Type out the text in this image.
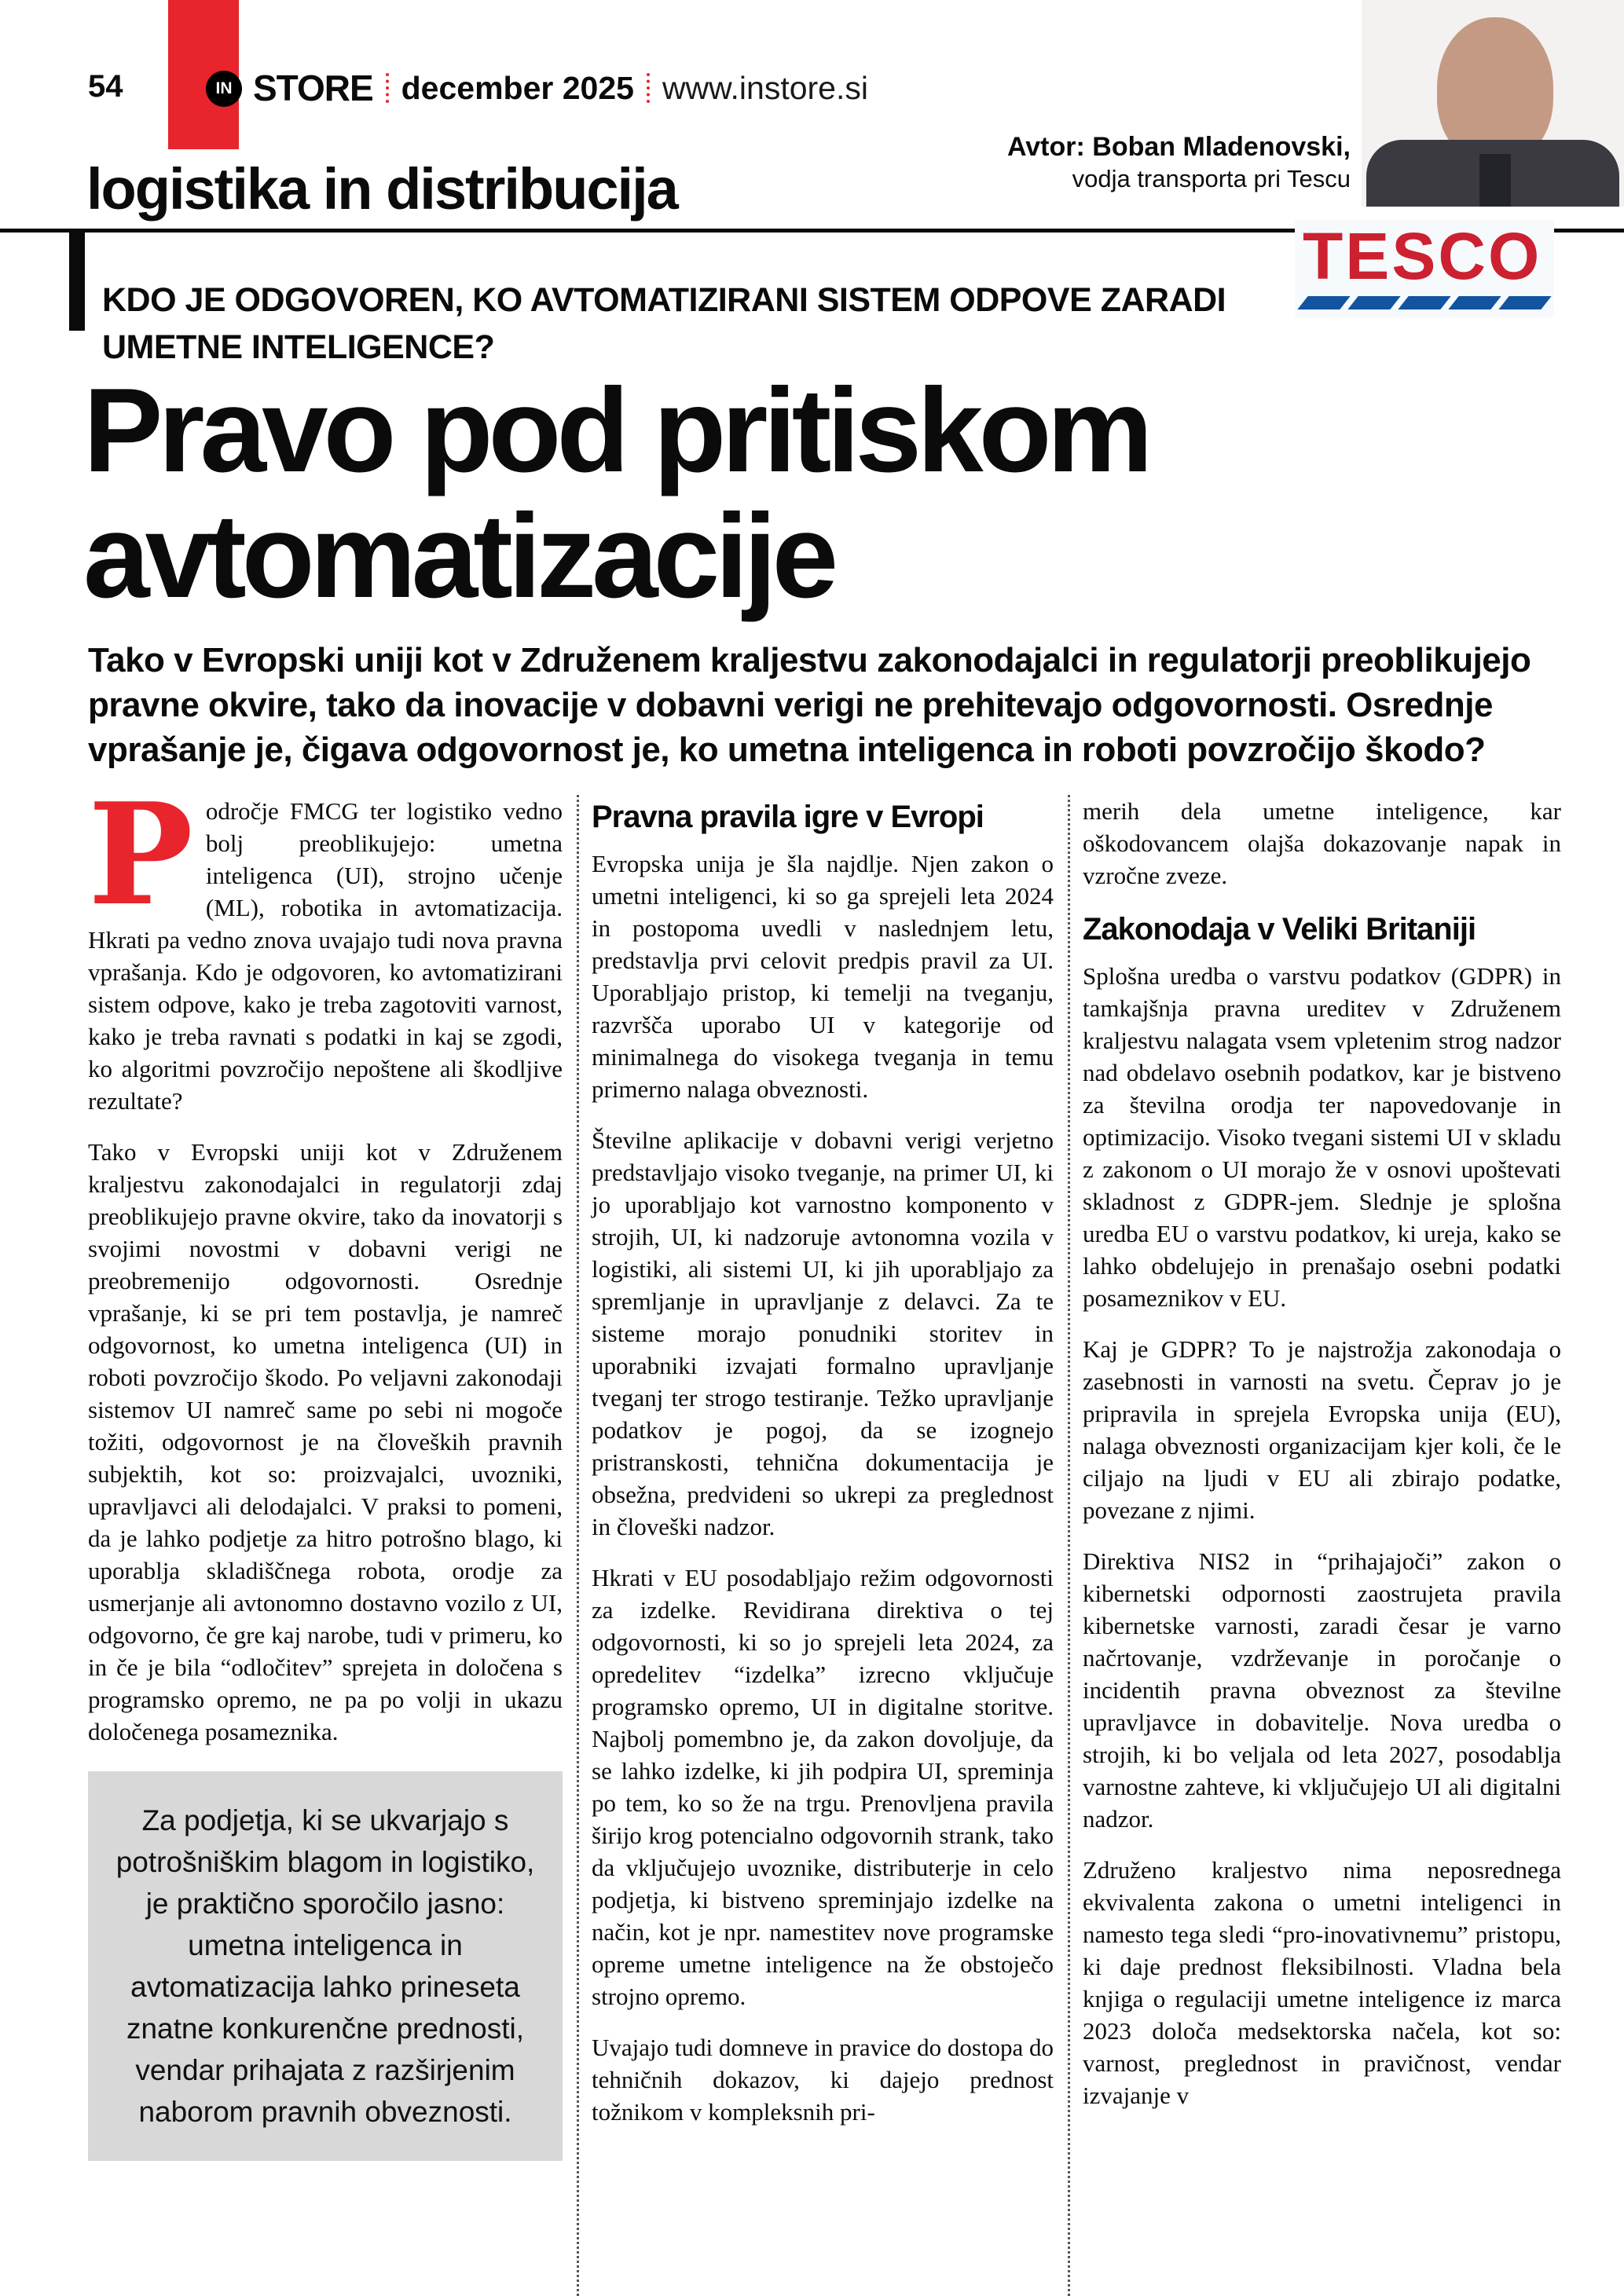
54	IN STORE december 2025 www.instore.si
logistika in distribucija
Avtor: Boban Mladenovski,
vodja transporta pri Tescu
KDO JE ODGOVOREN, KO AVTOMATIZIRANI SISTEM ODPOVE ZARADI UMETNE INTELIGENCE?
TESCO
Pravo pod pritiskom
avtomatizacije
Tako v Evropski uniji kot v Združenem kraljestvu zakonodajalci in regulatorji preoblikujejo pravne okvire, tako da inovacije v dobavni verigi ne prehitevajo odgovornosti. Osrednje vprašanje je, čigava odgovornost je, ko umetna inteligenca in roboti povzročijo škodo?

Področje FMCG ter logistiko vedno bolj preoblikujejo: umetna inteligenca (UI), strojno učenje (ML), robotika in avtomatizacija. Hkrati pa vedno znova uvajajo tudi nova pravna vprašanja. Kdo je odgovoren, ko avtomatizirani sistem odpove, kako je treba zagotoviti varnost, kako je treba ravnati s podatki in kaj se zgodi, ko algoritmi povzročijo nepoštene ali škodljive rezultate?

Tako v Evropski uniji kot v Združenem kraljestvu zakonodajalci in regulatorji zdaj preoblikujejo pravne okvire, tako da inovatorji s svojimi novostmi v dobavni verigi ne preobremenijo odgovornosti. Osrednje vprašanje, ki se pri tem postavlja, je namreč odgovornost, ko umetna inteligenca (UI) in roboti povzročijo škodo. Po veljavni zakonodaji sistemov UI namreč same po sebi ni mogoče tožiti, odgovornost je na človeških pravnih subjektih, kot so: proizvajalci, uvozniki, upravljavci ali delodajalci. V praksi to pomeni, da je lahko podjetje za hitro potrošno blago, ki uporablja skladiščnega robota, orodje za usmerjanje ali avtonomno dostavno vozilo z UI, odgovorno, če gre kaj narobe, tudi v primeru, ko in če je bila “odločitev” sprejeta in določena s programsko opremo, ne pa po volji in ukazu določenega posameznika.

Za podjetja, ki se ukvarjajo s potrošniškim blagom in logistiko, je praktično sporočilo jasno: umetna inteligenca in avtomatizacija lahko prineseta znatne konkurenčne prednosti, vendar prihajata z razširjenim naborom pravnih obveznosti.
Pravna pravila igre v Evropi

Evropska unija je šla najdlje. Njen zakon o umetni inteligenci, ki so ga sprejeli leta 2024 in postopoma uvedli v naslednjem letu, predstavlja prvi celovit predpis pravil za UI. Uporabljajo pristop, ki temelji na tveganju, razvršča uporabo UI v kategorije od minimalnega do visokega tveganja in temu primerno nalaga obveznosti.

Številne aplikacije v dobavni verigi verjetno predstavljajo visoko tveganje, na primer UI, ki jo uporabljajo kot varnostno komponento v strojih, UI, ki nadzoruje avtonomna vozila v logistiki, ali sistemi UI, ki jih uporabljajo za spremljanje in upravljanje z delavci. Za te sisteme morajo ponudniki storitev in uporabniki izvajati formalno upravljanje tveganj ter strogo testiranje. Težko upravljanje podatkov je pogoj, da se izognejo pristranskosti, tehnična dokumentacija je obsežna, predvideni so ukrepi za preglednost in človeški nadzor.

Hkrati v EU posodabljajo režim odgovornosti za izdelke. Revidirana direktiva o tej odgovornosti, ki so jo sprejeli leta 2024, za opredelitev “izdelka” izrecno vključuje programsko opremo, UI in digitalne storitve. Najbolj pomembno je, da zakon dovoljuje, da se lahko izdelke, ki jih podpira UI, spreminja po tem, ko so že na trgu. Prenovljena pravila širijo krog potencialno odgovornih strank, tako da vključujejo uvoznike, distributerje in celo podjetja, ki bistveno spreminjajo izdelke na način, kot je npr. namestitev nove programske opreme umetne inteligence na že obstoječo strojno opremo.

Uvajajo tudi domneve in pravice do dostopa do tehničnih dokazov, ki dajejo prednost tožnikom v kompleksnih pri-

merih dela umetne inteligence, kar oškodovancem olajša dokazovanje napak in vzročne zveze.

Zakonodaja v Veliki Britaniji

Splošna uredba o varstvu podatkov (GDPR) in tamkajšnja pravna ureditev v Združenem kraljestvu nalagata vsem vpletenim strog nadzor nad obdelavo osebnih podatkov, kar je bistveno za številna orodja ter napovedovanje in optimizacijo. Visoko tvegani sistemi UI v skladu z zakonom o UI morajo že v osnovi upoštevati skladnost z GDPR-jem. Slednje je splošna uredba EU o varstvu podatkov, ki ureja, kako se lahko obdelujejo in prenašajo osebni podatki posameznikov v EU.

Kaj je GDPR? To je najstrožja zakonodaja o zasebnosti in varnosti na svetu. Čeprav jo je pripravila in sprejela Evropska unija (EU), nalaga obveznosti organizacijam kjer koli, če le ciljajo na ljudi v EU ali zbirajo podatke, povezane z njimi.

Direktiva NIS2 in “prihajajoči” zakon o kibernetski odpornosti zaostrujeta pravila kibernetske varnosti, zaradi česar je varno načrtovanje, vzdrževanje in poročanje o incidentih pravna obveznost za številne upravljavce in dobavitelje. Nova uredba o strojih, ki bo veljala od leta 2027, posodablja varnostne zahteve, ki vključujejo UI ali digitalni nadzor.

Združeno kraljestvo nima neposrednega ekvivalenta zakona o umetni inteligenci in namesto tega sledi “pro-inovativnemu” pristopu, ki daje prednost fleksibilnosti. Vladna bela knjiga o regulaciji umetne inteligence iz marca 2023 določa medsektorska načela, kot so: varnost, preglednost in pravičnost, vendar izvajanje v
